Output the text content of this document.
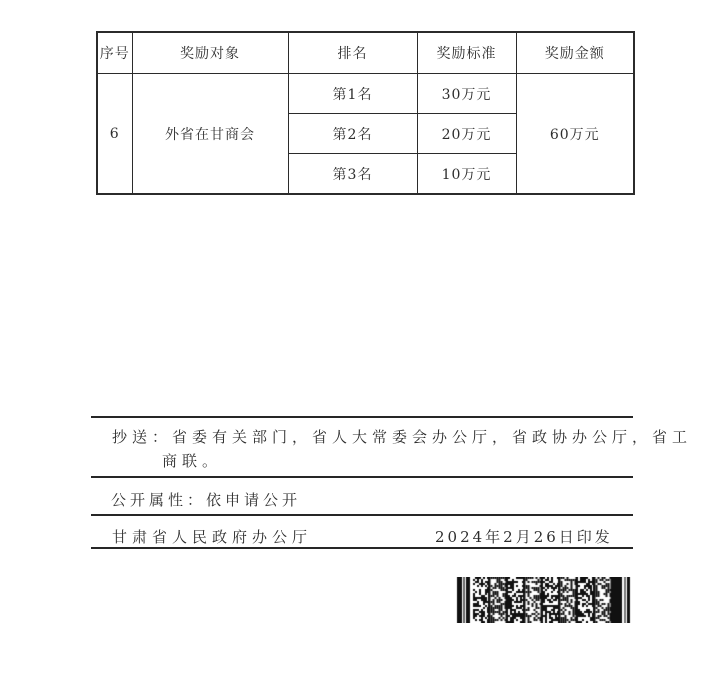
序号	奖励对象	排名	奖励标准	奖励金额
6	外省在甘商会	第1名	30万元	60万元
		第2名	20万元	
		第3名	10万元	
抄送：省委有关部门，省人大常委会办公厅，省政协办公厅，省工
商联。
公开属性：依申请公开
甘肃省人民政府办公厅	2024年2月26日印发
